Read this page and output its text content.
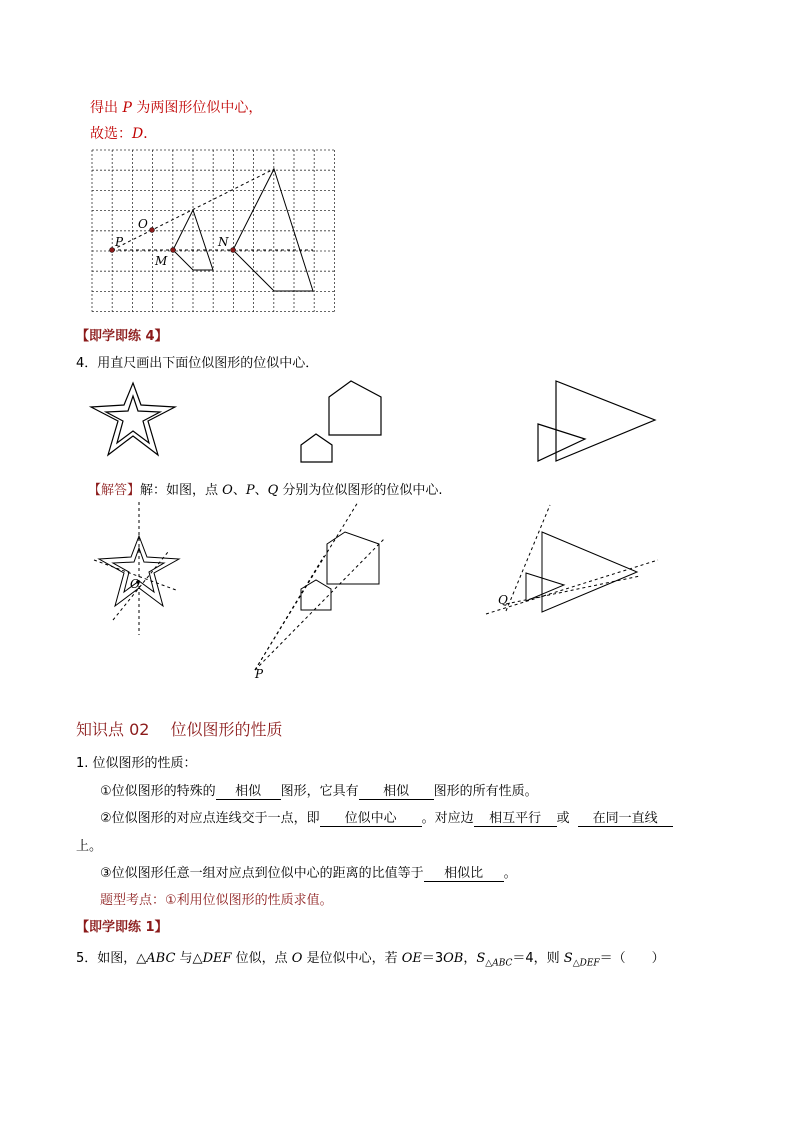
得出 P 为两图形位似中心，
故选：D．
O
P
M
N
【即学即练 4】
4．用直尺画出下面位似图形的位似中心．
【解答】解：如图，点 O、P、Q 分别为位似图形的位似中心.
O
P
Q
知识点 02　 位似图形的性质
1. 位似图形的性质：
①位似图形的特殊的 相似 图形，它具有 相似 图形的所有性质。
②位似图形的对应点连线交于一点，即 位似中心 。对应边 相互平行 或 在同一直线
上。
③位似图形任意一组对应点到位似中心的距离的比值等于 相似比 。
题型考点：①利用位似图形的性质求值。
【即学即练 1】
5．如图，△ABC 与△DEF 位似，点 O 是位似中心，若 OE＝3OB，$S_{\triangle ABC}=4$，则 $S_{\triangle DEF}=$（　　）
